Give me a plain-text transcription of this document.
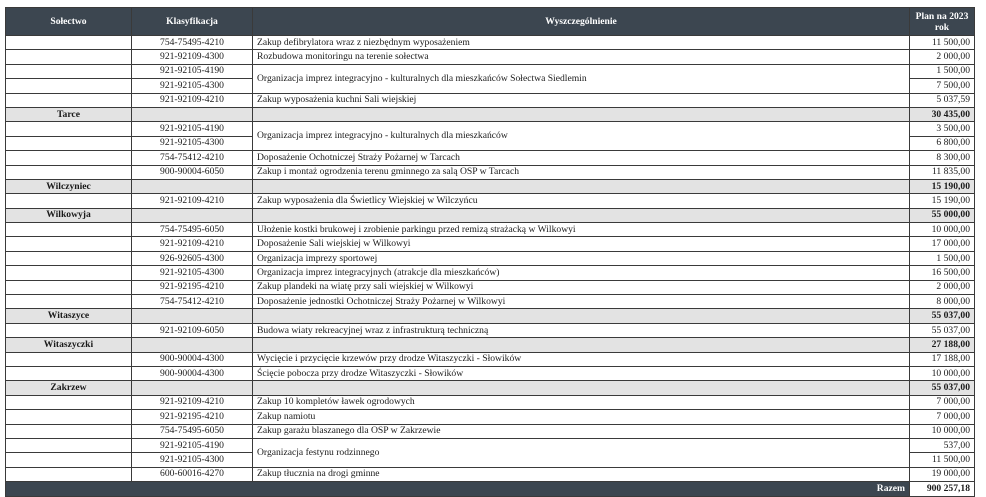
Sołectwo	Klasyfikacja	Wyszczególnienie	Plan na 2023 rok
	754-75495-4210	Zakup defibrylatora wraz z niezbędnym wyposażeniem	11 500,00
	921-92109-4300	Rozbudowa monitoringu na terenie sołectwa	2 000,00
	921-92105-4190	Organizacja imprez integracyjno - kulturalnych dla mieszkańców Sołectwa Siedlemin	1 500,00
	921-92105-4300		7 500,00
	921-92109-4210	Zakup wyposażenia kuchni Sali wiejskiej	5 037,59
Tarce			30 435,00
	921-92105-4190	Organizacja imprez integracyjno - kulturalnych dla mieszkańców	3 500,00
	921-92105-4300		6 800,00
	754-75412-4210	Doposażenie Ochotniczej Straży Pożarnej w Tarcach	8 300,00
	900-90004-6050	Zakup i montaż ogrodzenia terenu gminnego za salą OSP w Tarcach	11 835,00
Wilczyniec			15 190,00
	921-92109-4210	Zakup wyposażenia dla Świetlicy Wiejskiej w Wilczyńcu	15 190,00
Wilkowyja			55 000,00
	754-75495-6050	Ułożenie kostki brukowej i zrobienie parkingu przed remizą strażacką w Wilkowyi	10 000,00
	921-92109-4210	Doposażenie Sali wiejskiej w Wilkowyi	17 000,00
	926-92605-4300	Organizacja imprezy sportowej	1 500,00
	921-92105-4300	Organizacja imprez integracyjnych (atrakcje dla mieszkańców)	16 500,00
	921-92195-4210	Zakup plandeki na wiatę przy sali wiejskiej w Wilkowyi	2 000,00
	754-75412-4210	Doposażenie jednostki Ochotniczej Straży Pożarnej w Wilkowyi	8 000,00
Witaszyce			55 037,00
	921-92109-6050	Budowa wiaty rekreacyjnej wraz z infrastrukturą techniczną	55 037,00
Witaszyczki			27 188,00
	900-90004-4300	Wycięcie i przycięcie krzewów przy drodze Witaszyczki - Słowików	17 188,00
	900-90004-4300	Ścięcie pobocza przy drodze Witaszyczki - Słowików	10 000,00
Zakrzew			55 037,00
	921-92109-4210	Zakup 10 kompletów ławek ogrodowych	7 000,00
	921-92195-4210	Zakup namiotu	7 000,00
	754-75495-6050	Zakup garażu blaszanego dla OSP w Zakrzewie	10 000,00
	921-92105-4190	Organizacja festynu rodzinnego	537,00
	921-92105-4300		11 500,00
	600-60016-4270	Zakup tłucznia na drogi gminne	19 000,00
Razem			900 257,18
